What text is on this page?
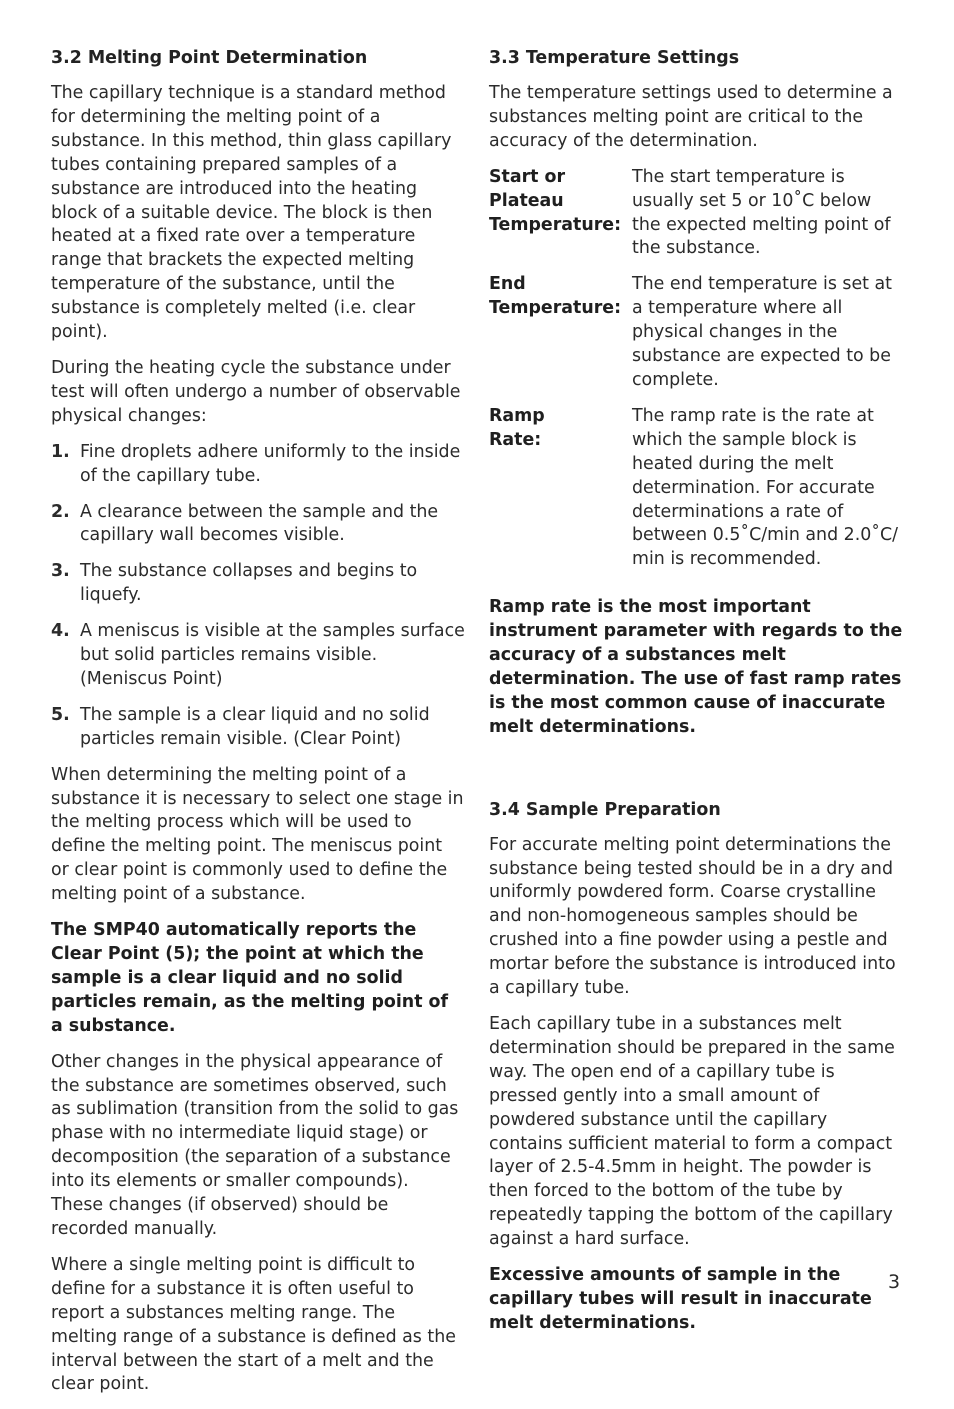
3.2 Melting Point Determination

The capillary technique is a standard method for determining the melting point of a substance. In this method, thin glass capillary tubes containing prepared samples of a substance are introduced into the heating block of a suitable device. The block is then heated at a fixed rate over a temperature range that brackets the expected melting temperature of the substance, until the substance is completely melted (i.e. clear point).

During the heating cycle the substance under test will often undergo a number of observable physical changes:

1. Fine droplets adhere uniformly to the inside of the capillary tube.
2. A clearance between the sample and the capillary wall becomes visible.
3. The substance collapses and begins to liquefy.
4. A meniscus is visible at the samples surface but solid particles remains visible. (Meniscus Point)
5. The sample is a clear liquid and no solid particles remain visible. (Clear Point)

When determining the melting point of a substance it is necessary to select one stage in the melting process which will be used to define the melting point. The meniscus point or clear point is commonly used to define the melting point of a substance.

The SMP40 automatically reports the Clear Point (5); the point at which the sample is a clear liquid and no solid particles remain, as the melting point of a substance.

Other changes in the physical appearance of the substance are sometimes observed, such as sublimation (transition from the solid to gas phase with no intermediate liquid stage) or decomposition (the separation of a substance into its elements or smaller compounds). These changes (if observed) should be recorded manually.

Where a single melting point is difficult to define for a substance it is often useful to report a substances melting range. The melting range of a substance is defined as the interval between the start of a melt and the clear point.

3.3 Temperature Settings

The temperature settings used to determine a substances melting point are critical to the accuracy of the determination.

Start or
Plateau
Temperature:	The start temperature is usually set 5 or 10˚C below the expected melting point of the substance.
End
Temperature:	The end temperature is set at a temperature where all physical changes in the substance are expected to be complete.
Ramp
Rate:	The ramp rate is the rate at which the sample block is heated during the melt determination. For accurate determinations a rate of between 0.5˚C/min and 2.0˚C/ min is recommended.

Ramp rate is the most important instrument parameter with regards to the accuracy of a substances melt determination. The use of fast ramp rates is the most common cause of inaccurate melt determinations.

3.4 Sample Preparation

For accurate melting point determinations the substance being tested should be in a dry and uniformly powdered form. Coarse crystalline and non-homogeneous samples should be crushed into a fine powder using a pestle and mortar before the substance is introduced into a capillary tube.

Each capillary tube in a substances melt determination should be prepared in the same way. The open end of a capillary tube is pressed gently into a small amount of powdered substance until the capillary contains sufficient material to form a compact layer of 2.5-4.5mm in height. The powder is then forced to the bottom of the tube by repeatedly tapping the bottom of the capillary against a hard surface.

Excessive amounts of sample in the capillary tubes will result in inaccurate melt determinations.

3
